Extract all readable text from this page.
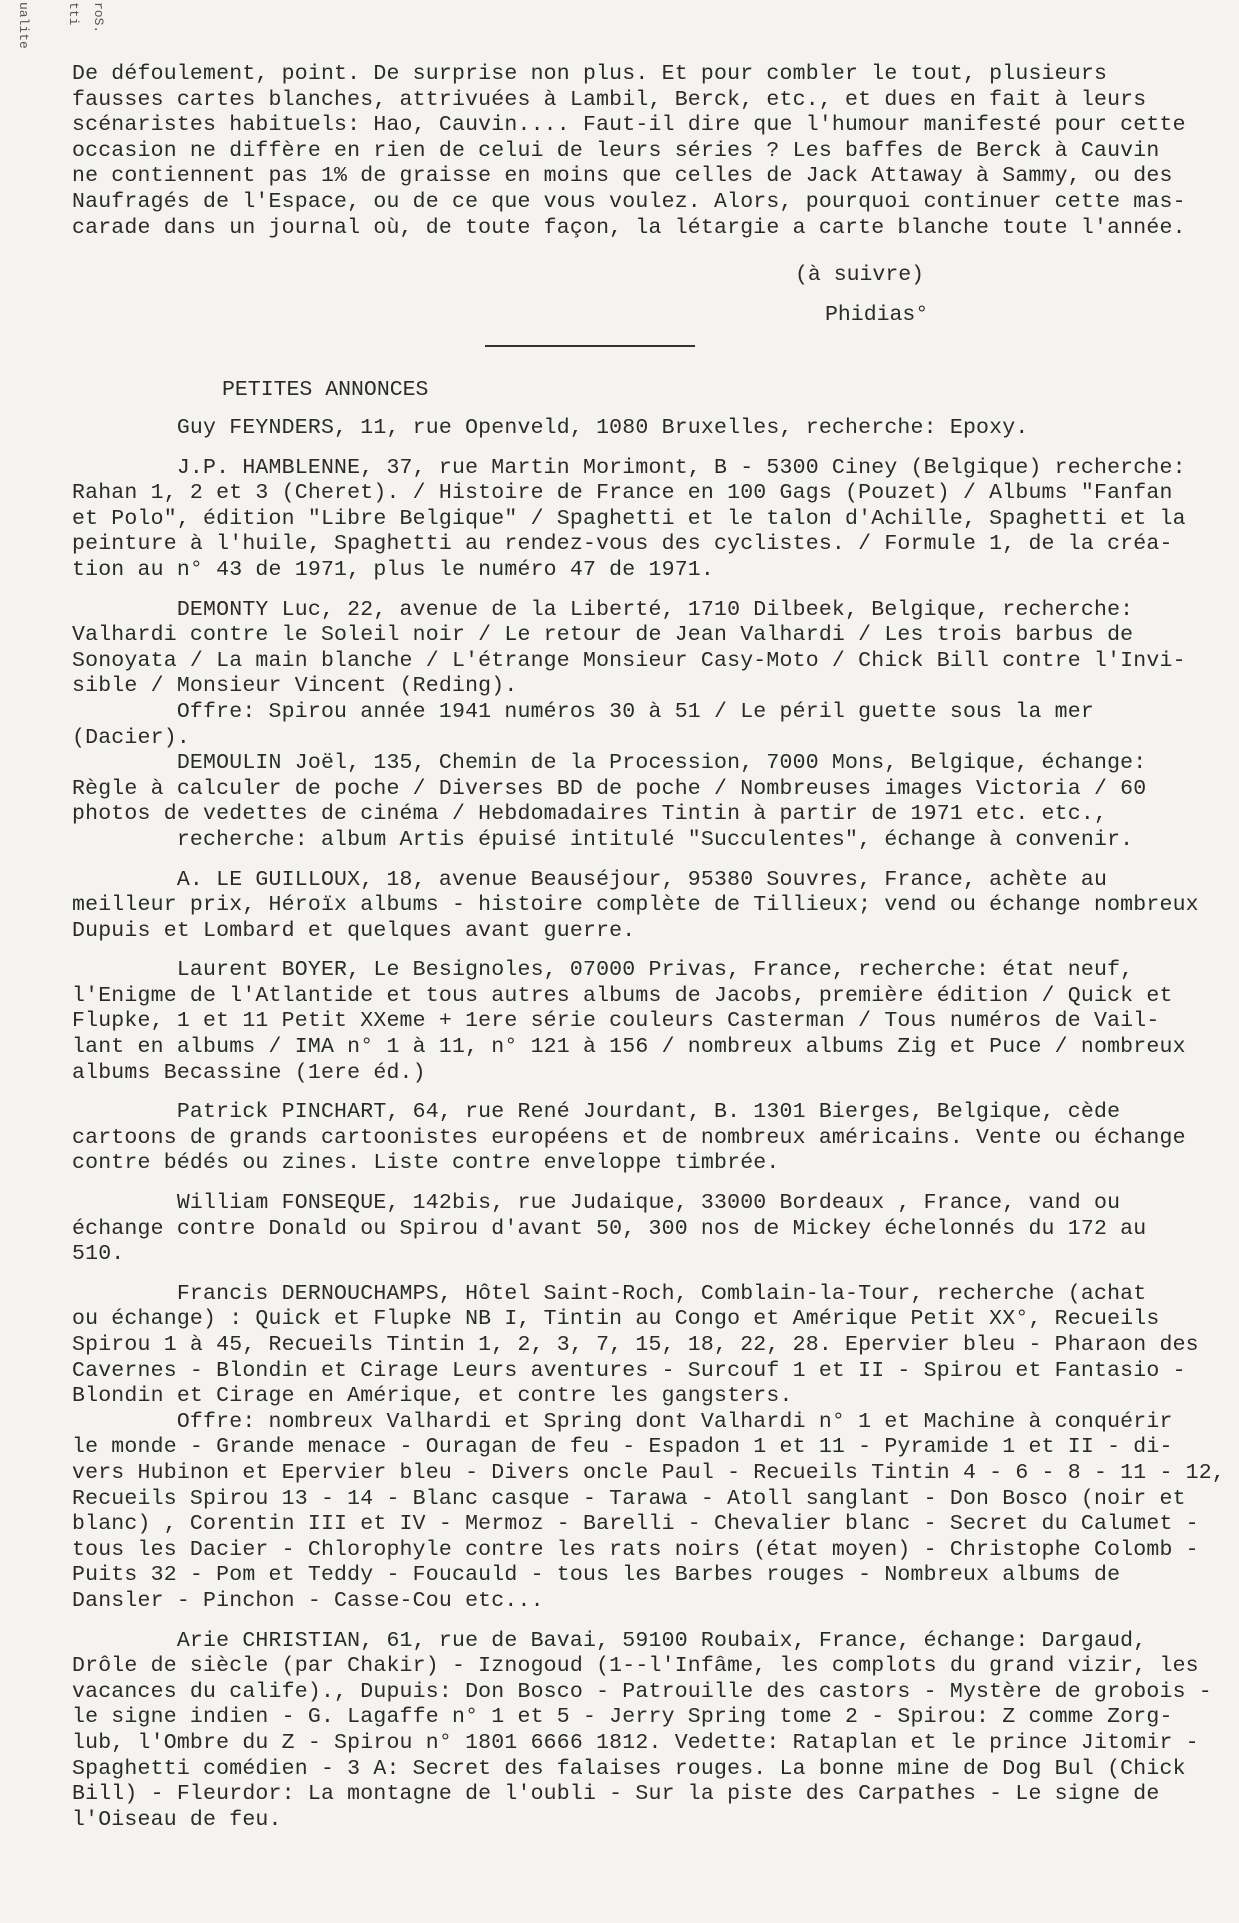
ualite	roS.
tti

De défoulement, point. De surprise non plus. Et pour combler le tout, plusieurs

fausses cartes blanches, attrivuées à Lambil, Berck, etc., et dues en fait à leurs

scénaristes habituels: Hao, Cauvin.... Faut-il dire que l'humour manifesté pour cette

occasion ne diffère en rien de celui de leurs séries ? Les baffes de Berck à Cauvin

ne contiennent pas 1% de graisse en moins que celles de Jack Attaway à Sammy, ou des

Naufragés de l'Espace, ou de ce que vous voulez. Alors, pourquoi continuer cette mas-

carade dans un journal où, de toute façon, la létargie a carte blanche toute l'année.

(à suivre)
Phidias°
PETITES ANNONCES

Guy FEYNDERS, 11, rue Openveld, 1080 Bruxelles, recherche: Epoxy.

J.P. HAMBLENNE, 37, rue Martin Morimont, B - 5300 Ciney (Belgique) recherche:

Rahan 1, 2 et 3 (Cheret). / Histoire de France en 100 Gags (Pouzet) / Albums "Fanfan

et Polo", édition "Libre Belgique" / Spaghetti et le talon d'Achille, Spaghetti et la

peinture à l'huile, Spaghetti au rendez-vous des cyclistes. / Formule 1, de la créa-

tion au n° 43 de 1971, plus le numéro 47 de 1971.

DEMONTY Luc, 22, avenue de la Liberté, 1710 Dilbeek, Belgique, recherche:

Valhardi contre le Soleil noir / Le retour de Jean Valhardi / Les trois barbus de

Sonoyata / La main blanche / L'étrange Monsieur Casy-Moto / Chick Bill contre l'Invi-

sible / Monsieur Vincent (Reding).

Offre: Spirou année 1941 numéros 30 à 51 / Le péril guette sous la mer

(Dacier).

DEMOULIN Joël, 135, Chemin de la Procession, 7000 Mons, Belgique, échange:

Règle à calculer de poche / Diverses BD de poche / Nombreuses images Victoria / 60

photos de vedettes de cinéma / Hebdomadaires Tintin à partir de 1971 etc. etc.,

recherche: album Artis épuisé intitulé "Succulentes", échange à convenir.

A. LE GUILLOUX, 18, avenue Beauséjour, 95380 Souvres, France, achète au

meilleur prix, Héroïx albums - histoire complète de Tillieux; vend ou échange nombreux

Dupuis et Lombard et quelques avant guerre.

Laurent BOYER, Le Besignoles, 07000 Privas, France, recherche: état neuf,

l'Enigme de l'Atlantide et tous autres albums de Jacobs, première édition / Quick et

Flupke, 1 et 11 Petit XXeme + 1ere série couleurs Casterman / Tous numéros de Vail-

lant en albums / IMA n° 1 à 11, n° 121 à 156 / nombreux albums Zig et Puce / nombreux

albums Becassine (1ere éd.)

Patrick PINCHART, 64, rue René Jourdant, B. 1301 Bierges, Belgique, cède

cartoons de grands cartoonistes européens et de nombreux américains. Vente ou échange

contre bédés ou zines. Liste contre enveloppe timbrée.

William FONSEQUE, 142bis, rue Judaique, 33000 Bordeaux , France, vand ou

échange contre Donald ou Spirou d'avant 50, 300 nos de Mickey échelonnés du 172 au

510.

Francis DERNOUCHAMPS, Hôtel Saint-Roch, Comblain-la-Tour, recherche (achat

ou échange) : Quick et Flupke NB I, Tintin au Congo et Amérique Petit XX°, Recueils

Spirou 1 à 45, Recueils Tintin 1, 2, 3, 7, 15, 18, 22, 28. Epervier bleu - Pharaon des

Cavernes - Blondin et Cirage Leurs aventures - Surcouf 1 et II - Spirou et Fantasio -

Blondin et Cirage en Amérique, et contre les gangsters.

Offre: nombreux Valhardi et Spring dont Valhardi n° 1 et Machine à conquérir

le monde - Grande menace - Ouragan de feu - Espadon 1 et 11 - Pyramide 1 et II - di-

vers Hubinon et Epervier bleu - Divers oncle Paul - Recueils Tintin 4 - 6 - 8 - 11 - 12,

Recueils Spirou 13 - 14 - Blanc casque - Tarawa - Atoll sanglant - Don Bosco (noir et

blanc) , Corentin III et IV - Mermoz - Barelli - Chevalier blanc - Secret du Calumet -

tous les Dacier - Chlorophyle contre les rats noirs (état moyen) - Christophe Colomb -

Puits 32 - Pom et Teddy - Foucauld - tous les Barbes rouges - Nombreux albums de

Dansler - Pinchon - Casse-Cou etc...

Arie CHRISTIAN, 61, rue de Bavai, 59100 Roubaix, France, échange: Dargaud,

Drôle de siècle (par Chakir) - Iznogoud (1--l'Infâme, les complots du grand vizir, les

vacances du calife)., Dupuis: Don Bosco - Patrouille des castors - Mystère de grobois -

le signe indien - G. Lagaffe n° 1 et 5 - Jerry Spring tome 2 - Spirou: Z comme Zorg-

lub, l'Ombre du Z - Spirou n° 1801 6666 1812. Vedette: Rataplan et le prince Jitomir -

Spaghetti comédien - 3 A: Secret des falaises rouges. La bonne mine de Dog Bul (Chick

Bill) - Fleurdor: La montagne de l'oubli - Sur la piste des Carpathes - Le signe de

l'Oiseau de feu.
